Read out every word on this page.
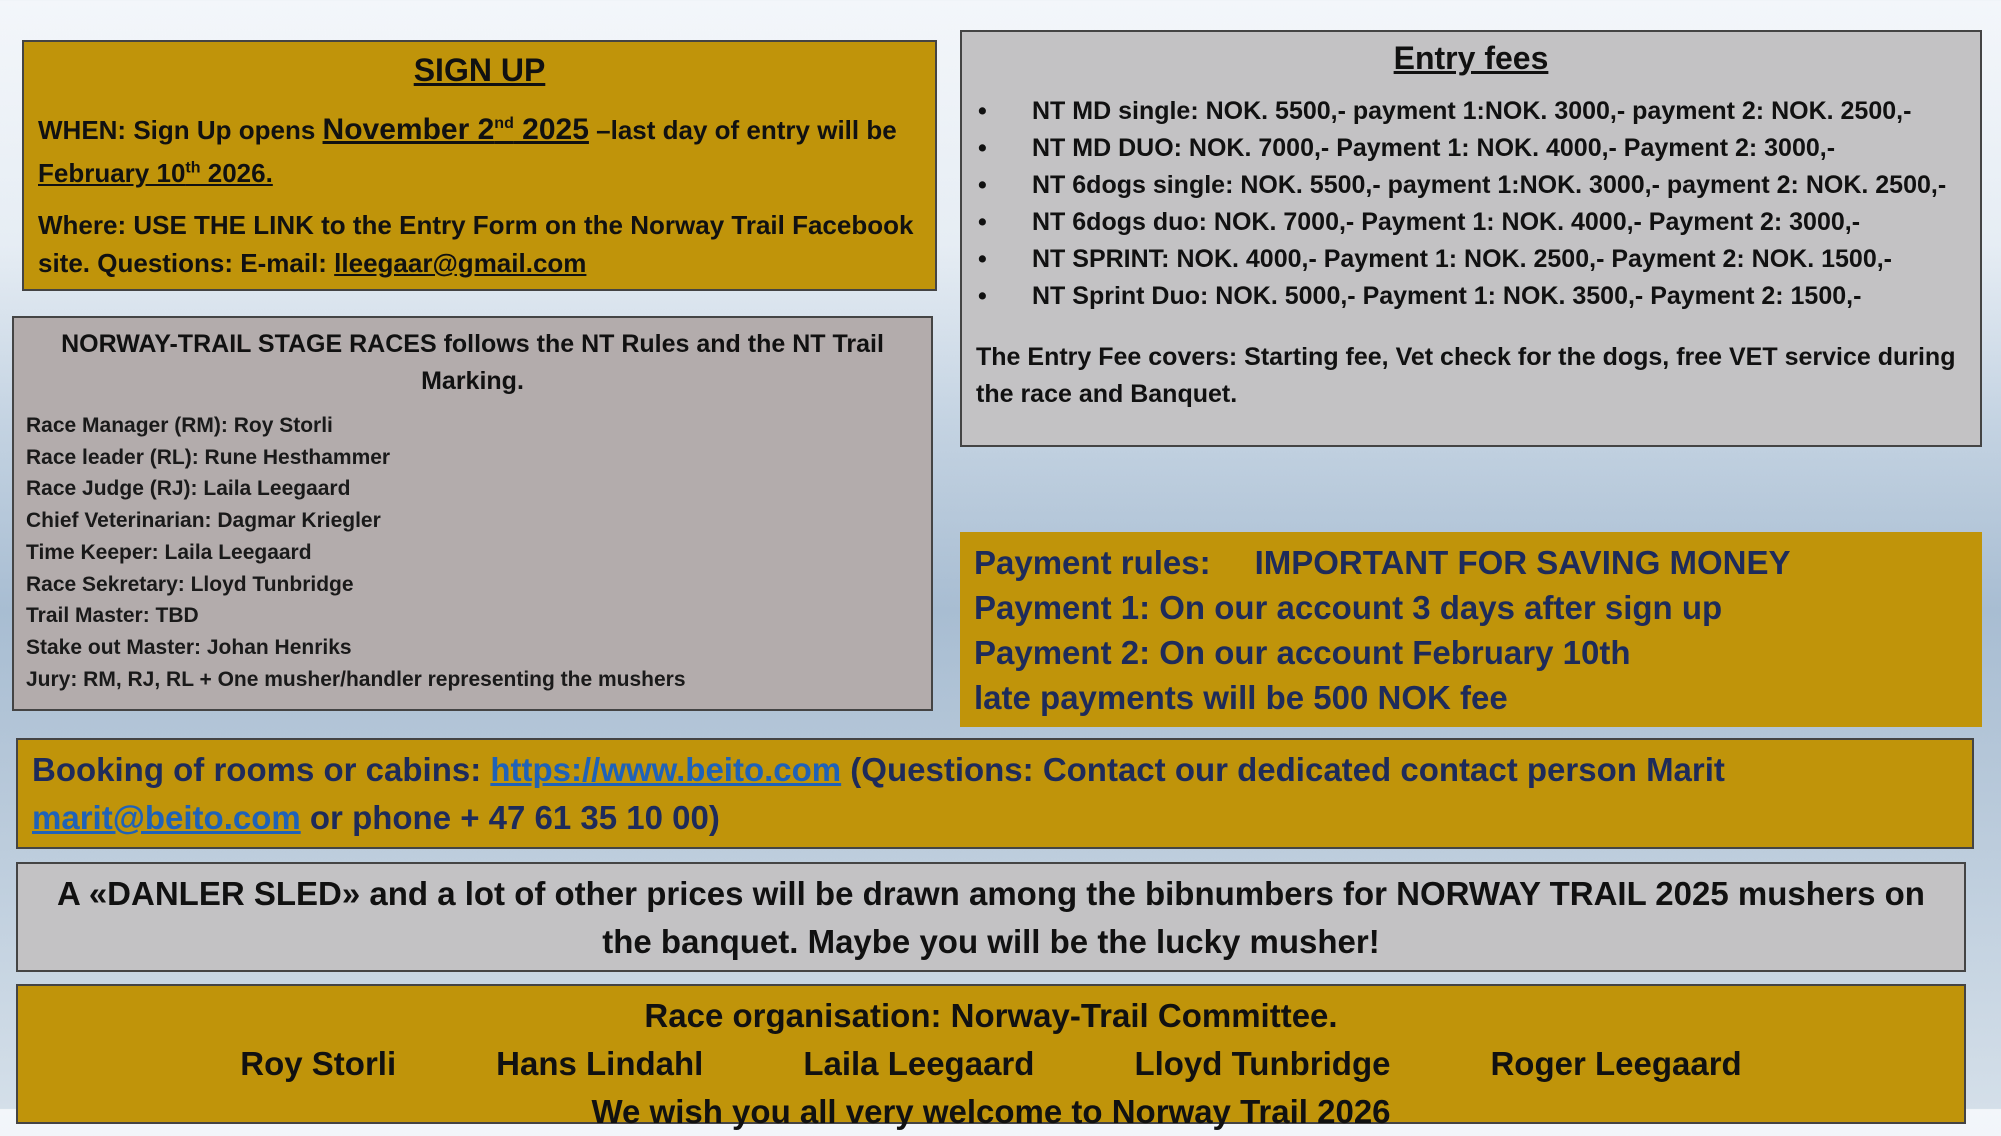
SIGN UP

WHEN: Sign Up opens November 2nd 2025 –last day of entry will be February 10th 2026.

Where: USE THE LINK to the Entry Form on the Norway Trail Facebook site. Questions: E-mail: lleegaar@gmail.com

NORWAY-TRAIL STAGE RACES follows the NT Rules and the NT Trail Marking.
Race Manager (RM): Roy Storli
Race leader (RL): Rune Hesthammer
Race Judge (RJ): Laila Leegaard
Chief Veterinarian: Dagmar Kriegler
Time Keeper: Laila Leegaard
Race Sekretary: Lloyd Tunbridge
Trail Master: TBD
Stake out Master: Johan Henriks
Jury: RM, RJ, RL + One musher/handler representing the mushers
Entry fees
•	NT MD single: NOK. 5500,- payment 1:NOK. 3000,- payment 2: NOK. 2500,-
•	NT MD DUO: NOK. 7000,- Payment 1: NOK. 4000,- Payment 2: 3000,-
•	NT 6dogs single: NOK. 5500,- payment 1:NOK. 3000,- payment 2: NOK. 2500,-
•	NT 6dogs duo: NOK. 7000,- Payment 1: NOK. 4000,- Payment 2: 3000,-
•	NT SPRINT: NOK. 4000,- Payment 1: NOK. 2500,- Payment 2: NOK. 1500,-
•	NT Sprint Duo: NOK. 5000,- Payment 1: NOK. 3500,- Payment 2: 1500,-
The Entry Fee covers: Starting fee, Vet check for the dogs, free VET service during the race and Banquet.
Payment rules: IMPORTANT FOR SAVING MONEY
Payment 1: On our account 3 days after sign up
Payment 2: On our account February 10th
late payments will be 500 NOK fee

Booking of rooms or cabins: https://www.beito.com (Questions: Contact our dedicated contact person Marit marit@beito.com or phone + 47 61 35 10 00)

A «DANLER SLED» and a lot of other prices will be drawn among the bibnumbers for NORWAY TRAIL 2025 mushers on the banquet. Maybe you will be the lucky musher!

Race organisation: Norway-Trail Committee.
Roy Storli	Hans Lindahl	Laila Leegaard	Lloyd Tunbridge	Roger Leegaard
We wish you all very welcome to Norway Trail 2026
